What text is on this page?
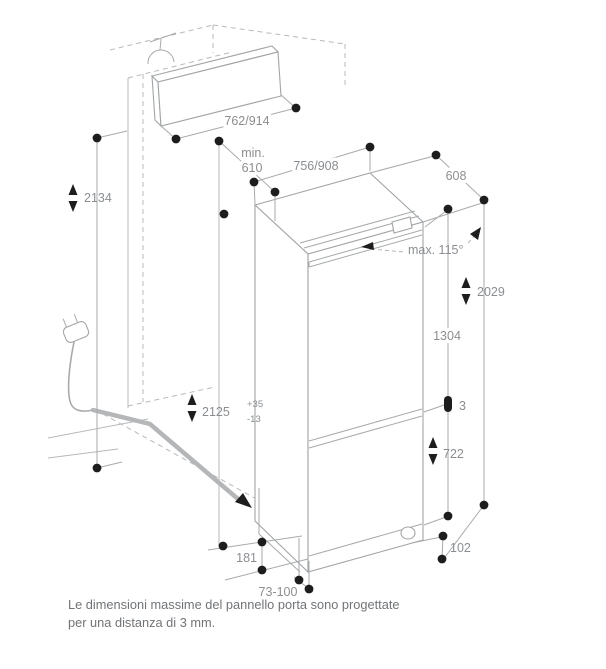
762/914
min.
610 756/908
608
2134
max. 115°
2029
1304
3
722
2125
+35
-13
181
102
73-100
Le dimensioni massime del pannello porta sono progettate
per una distanza di 3 mm.
